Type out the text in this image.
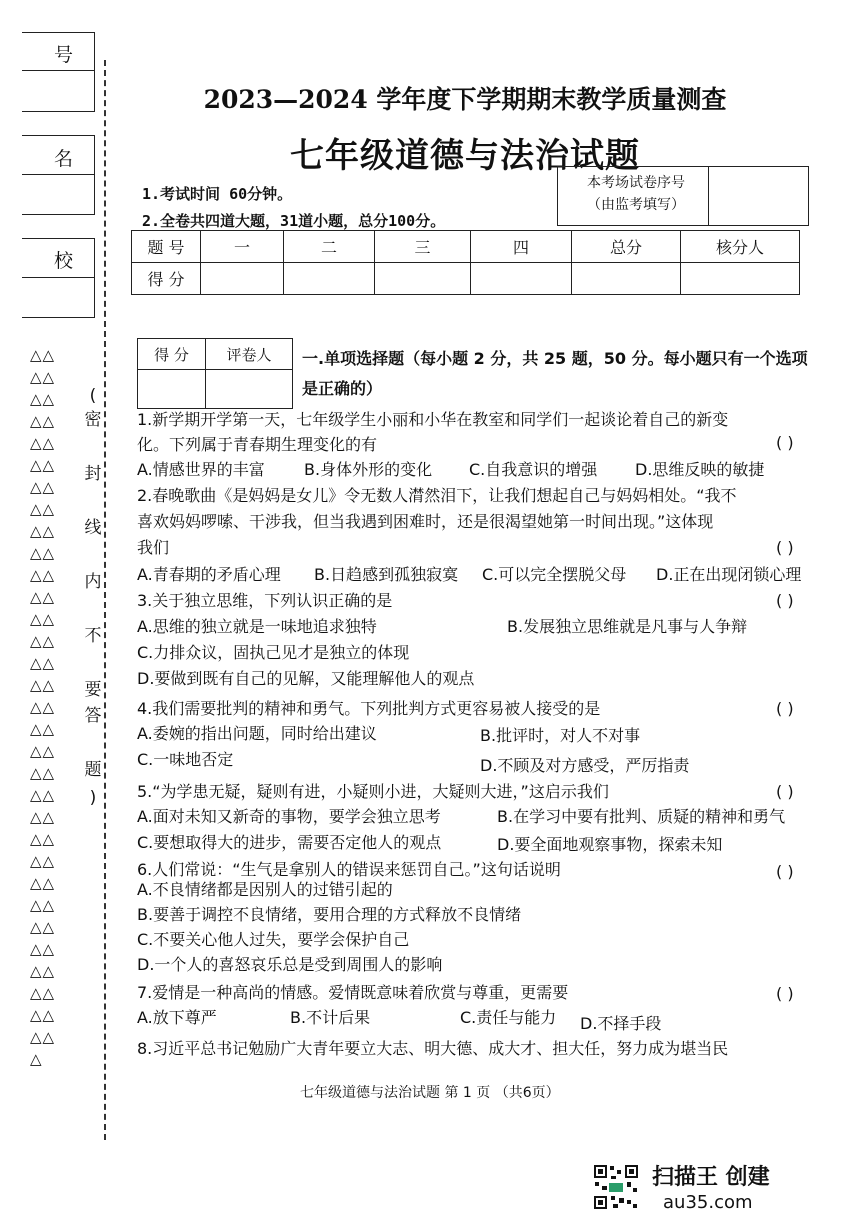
号
名
校
(
密
封
线
内
不
要
答
题
)
△△
△△
△△
△△
△△
△△
△△
△△
△△
△△
△△
△△
△△
△△
△△
△△
△△
△△
△△
△△
△△
△△
△△
△△
△△
△△
△△
△△
△△
△△
△△
△△
△
2023—2024 学年度下学期期末教学质量测查
七年级道德与法治试题
1.考试时间 60分钟。
2.全卷共四道大题，31道小题，总分100分。
本考场试卷序号
（由监考填写）
题 号	一	二	三	四	总分	核分人
得 分						
得 分	评卷人
	一.单项选择题（每小题 2 分，共 25 题，50 分。每小题只有一个选项
是正确的）
1.新学期开学第一天，七年级学生小丽和小华在教室和同学们一起谈论着自己的新变
化。下列属于青春期生理变化的有	( )
A.情感世界的丰富 B.身体外形的变化 C.自我意识的增强 D.思维反映的敏捷
2.春晚歌曲《是妈妈是女儿》令无数人潸然泪下，让我们想起自己与妈妈相处。“我不
喜欢妈妈啰嗦、干涉我，但当我遇到困难时，还是很渴望她第一时间出现。”这体现
我们	( )
A.青春期的矛盾心理 B.日趋感到孤独寂寞 C.可以完全摆脱父母 D.正在出现闭锁心理
3.关于独立思维，下列认识正确的是	( )
A.思维的独立就是一味地追求独特	B.发展独立思维就是凡事与人争辩
C.力排众议，固执己见才是独立的体现
D.要做到既有自己的见解，又能理解他人的观点
4.我们需要批判的精神和勇气。下列批判方式更容易被人接受的是	( )
A.委婉的指出问题，同时给出建议	B.批评时，对人不对事
C.一味地否定	D.不顾及对方感受，严厉指责
5.“为学患无疑，疑则有进，小疑则小进，大疑则大进，”这启示我们	( )
A.面对未知又新奇的事物，要学会独立思考	B.在学习中要有批判、质疑的精神和勇气
C.要想取得大的进步，需要否定他人的观点	D.要全面地观察事物，探索未知
6.人们常说：“生气是拿别人的错误来惩罚自己。”这句话说明	( )
A.不良情绪都是因别人的过错引起的
B.要善于调控不良情绪，要用合理的方式释放不良情绪
C.不要关心他人过失，要学会保护自己
D.一个人的喜怒哀乐总是受到周围人的影响
7.爱情是一种高尚的情感。爱情既意味着欣赏与尊重，更需要	( )
A.放下尊严	B.不计后果	C.责任与能力 D.不择手段
8.习近平总书记勉励广大青年要立大志、明大德、成大才、担大任，努力成为堪当民
七年级道德与法治试题 第 1 页 （共6页）
扫描王 创建
au35.com
